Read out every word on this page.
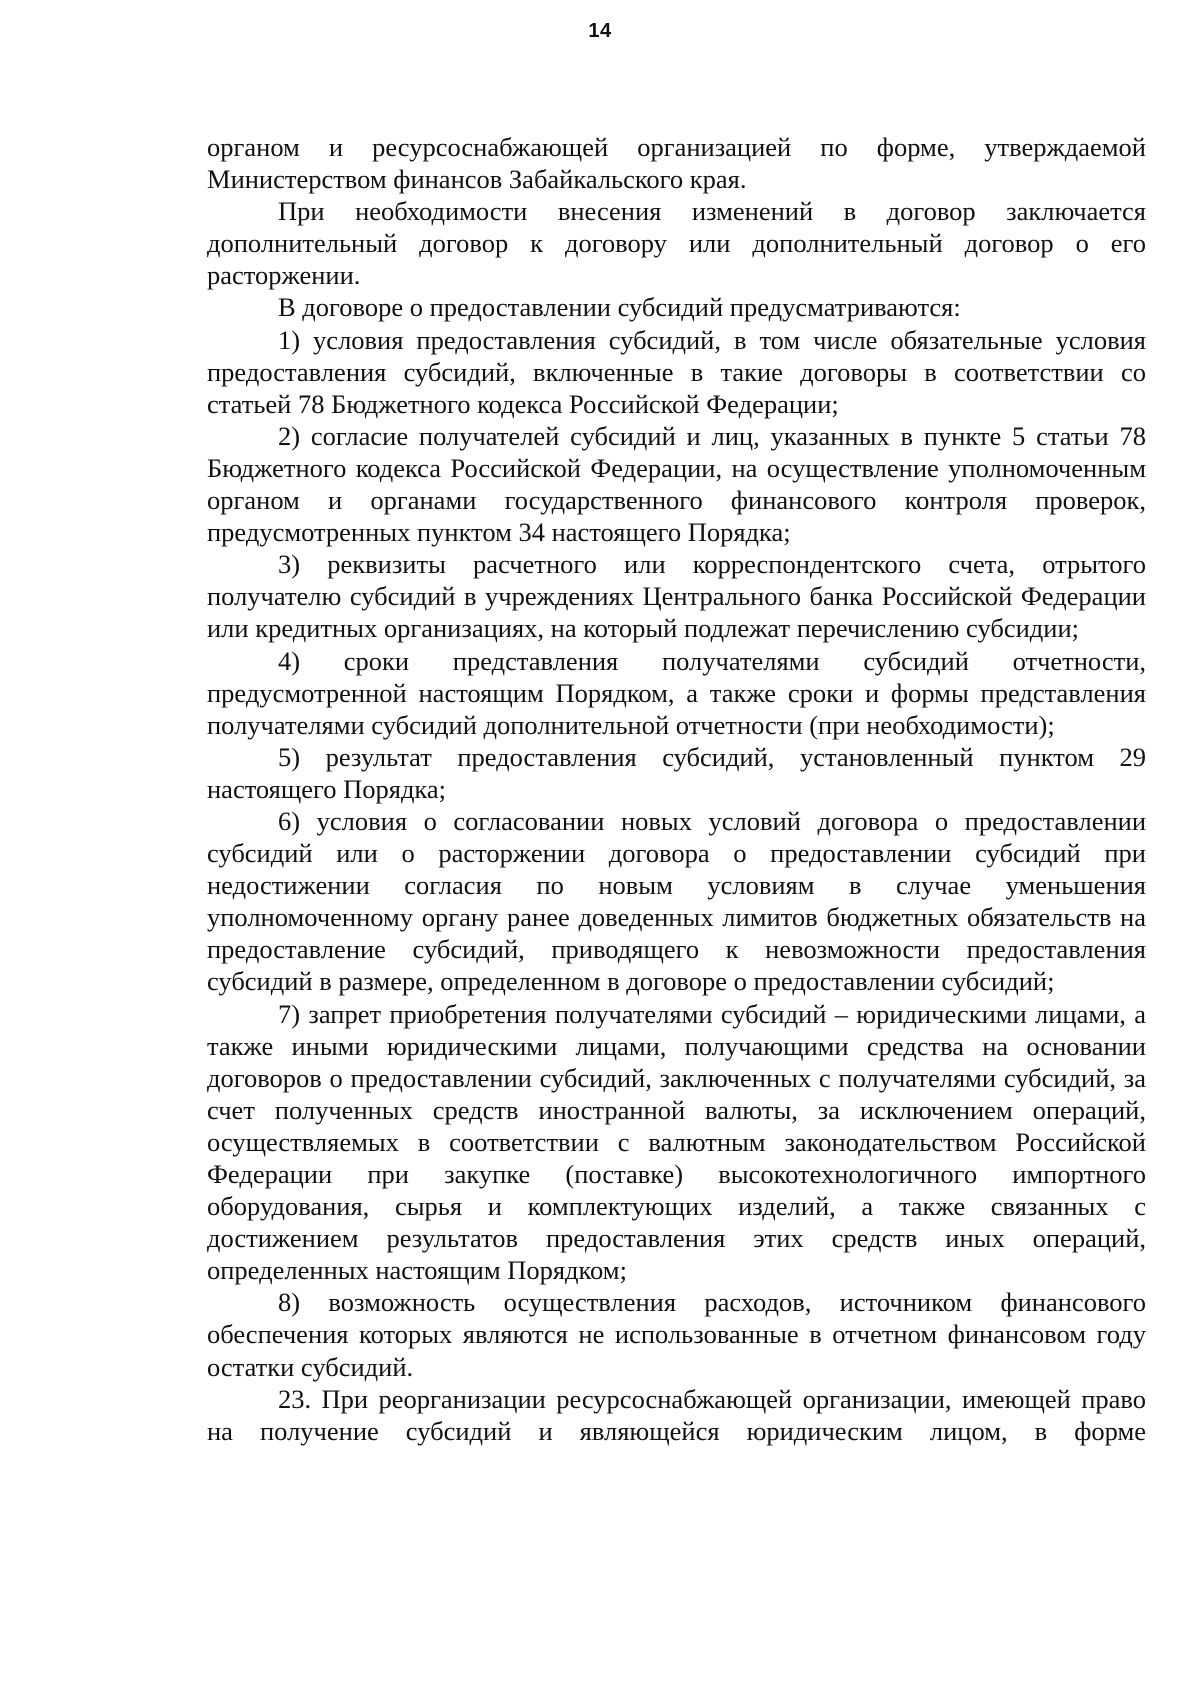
14

органом и ресурсоснабжающей организацией по форме, утверждаемой Министерством финансов Забайкальского края.

При необходимости внесения изменений в договор заключается дополнительный договор к договору или дополнительный договор о его расторжении.

В договоре о предоставлении субсидий предусматриваются:

1) условия предоставления субсидий, в том числе обязательные условия предоставления субсидий, включенные в такие договоры в соответствии со статьей 78 Бюджетного кодекса Российской Федерации;

2) согласие получателей субсидий и лиц, указанных в пункте 5 статьи 78 Бюджетного кодекса Российской Федерации, на осуществление уполномоченным органом и органами государственного финансового контроля проверок, предусмотренных пунктом 34 настоящего Порядка;

3) реквизиты расчетного или корреспондентского счета, отрытого получателю субсидий в учреждениях Центрального банка Российской Федерации или кредитных организациях, на который подлежат перечислению субсидии;

4) сроки представления получателями субсидий отчетности, предусмотренной настоящим Порядком, а также сроки и формы представления получателями субсидий дополнительной отчетности (при необходимости);

5) результат предоставления субсидий, установленный пунктом 29 настоящего Порядка;

6) условия о согласовании новых условий договора о предоставлении субсидий или о расторжении договора о предоставлении субсидий при недостижении согласия по новым условиям в случае уменьшения уполномоченному органу ранее доведенных лимитов бюджетных обязательств на предоставление субсидий, приводящего к невозможности предоставления субсидий в размере, определенном в договоре о предоставлении субсидий;

7) запрет приобретения получателями субсидий – юридическими лицами, а также иными юридическими лицами, получающими средства на основании договоров о предоставлении субсидий, заключенных с получателями субсидий, за счет полученных средств иностранной валюты, за исключением операций, осуществляемых в соответствии с валютным законодательством Российской Федерации при закупке (поставке) высокотехнологичного импортного оборудования, сырья и комплектующих изделий, а также связанных с достижением результатов предоставления этих средств иных операций, определенных настоящим Порядком;

8) возможность осуществления расходов, источником финансового обеспечения которых являются не использованные в отчетном финансовом году остатки субсидий.

23. При реорганизации ресурсоснабжающей организации, имеющей право на получение субсидий и являющейся юридическим лицом, в форме
